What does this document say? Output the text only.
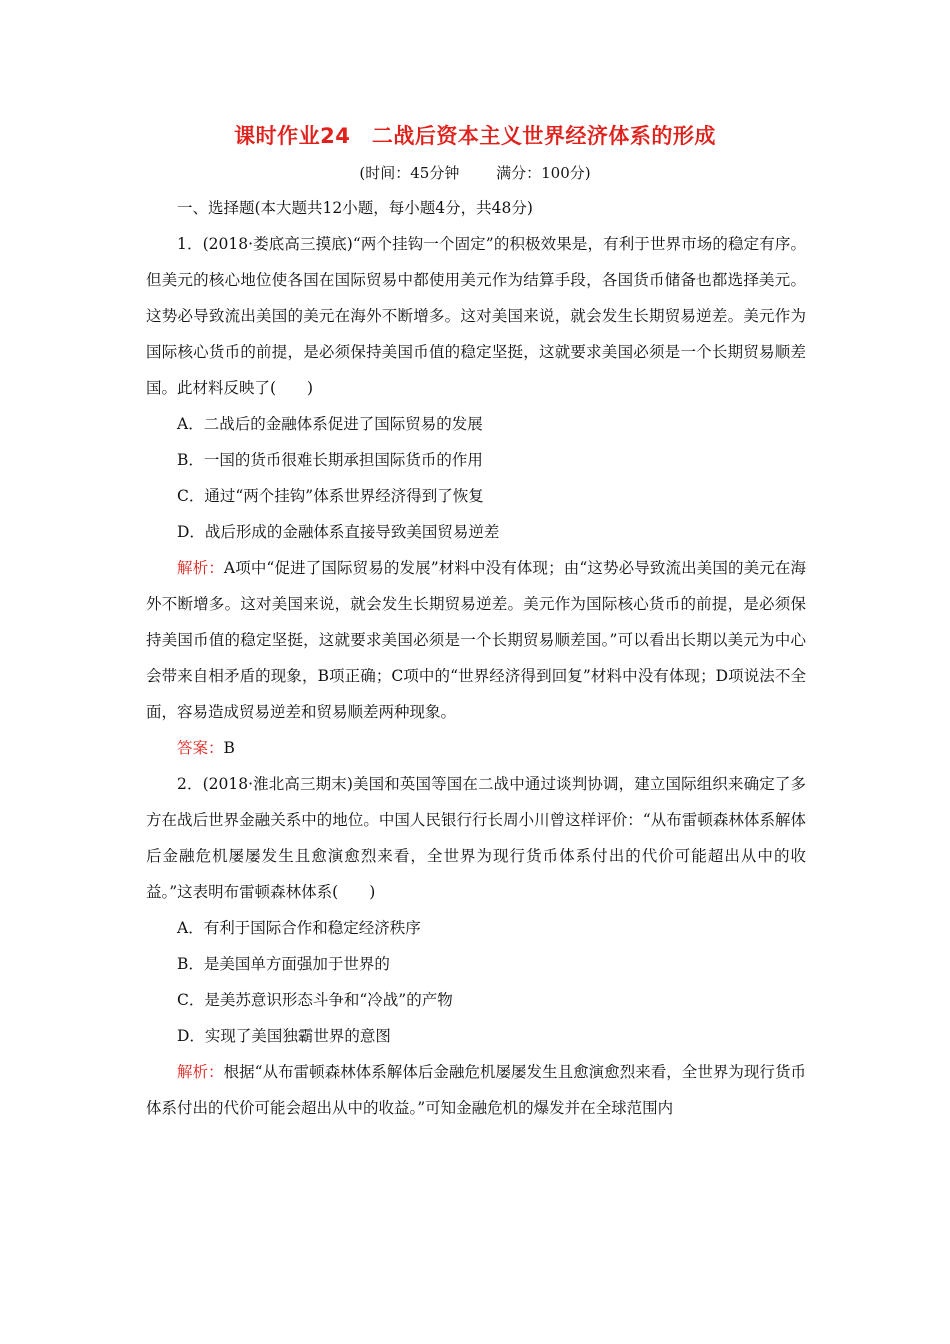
课时作业24　二战后资本主义世界经济体系的形成
(时间：45分钟 满分：100分)

一、选择题(本大题共12小题，每小题4分，共48分)

1．(2018·娄底高三摸底)“两个挂钩一个固定”的积极效果是，有利于世界市场的稳定有序。但美元的核心地位使各国在国际贸易中都使用美元作为结算手段，各国货币储备也都选择美元。这势必导致流出美国的美元在海外不断增多。这对美国来说，就会发生长期贸易逆差。美元作为国际核心货币的前提，是必须保持美国币值的稳定坚挺，这就要求美国必须是一个长期贸易顺差国。此材料反映了(　　)

A．二战后的金融体系促进了国际贸易的发展

B．一国的货币很难长期承担国际货币的作用

C．通过“两个挂钩”体系世界经济得到了恢复

D．战后形成的金融体系直接导致美国贸易逆差

解析：A项中“促进了国际贸易的发展”材料中没有体现；由“这势必导致流出美国的美元在海外不断增多。这对美国来说，就会发生长期贸易逆差。美元作为国际核心货币的前提，是必须保持美国币值的稳定坚挺，这就要求美国必须是一个长期贸易顺差国。”可以看出长期以美元为中心会带来自相矛盾的现象，B项正确；C项中的“世界经济得到回复”材料中没有体现；D项说法不全面，容易造成贸易逆差和贸易顺差两种现象。

答案：B

2．(2018·淮北高三期末)美国和英国等国在二战中通过谈判协调，建立国际组织来确定了多方在战后世界金融关系中的地位。中国人民银行行长周小川曾这样评价：“从布雷顿森林体系解体后金融危机屡屡发生且愈演愈烈来看，全世界为现行货币体系付出的代价可能超出从中的收益。”这表明布雷顿森林体系(　　)

A．有利于国际合作和稳定经济秩序

B．是美国单方面强加于世界的

C．是美苏意识形态斗争和“冷战”的产物

D．实现了美国独霸世界的意图

解析：根据“从布雷顿森林体系解体后金融危机屡屡发生且愈演愈烈来看，全世界为现行货币体系付出的代价可能会超出从中的收益。”可知金融危机的爆发并在全球范围内
